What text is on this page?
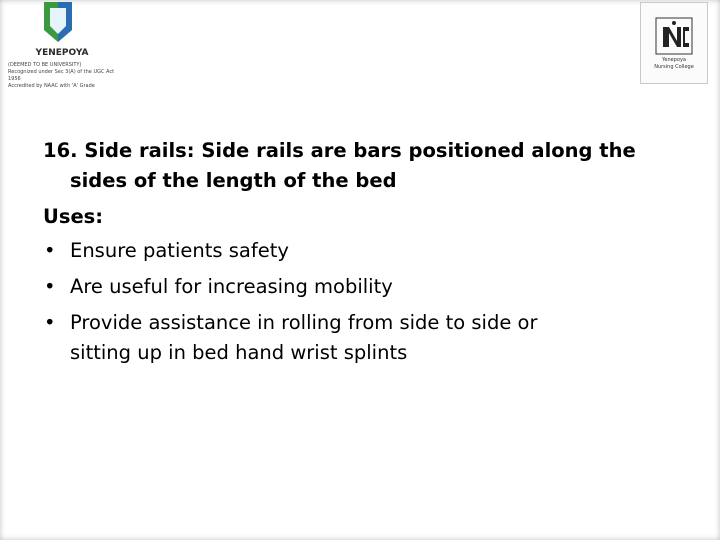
YENEPOYA
(DEEMED TO BE UNIVERSITY)
Recognized under Sec 3(A) of the UGC Act 1956
Accredited by NAAC with 'A' Grade

Yenepoya
Nursing College

16. Side rails: Side rails are bars positioned along the
sides of the length of the bed

Uses:
• Ensure patients safety
• Are useful for increasing mobility
• Provide assistance in rolling from side to side or
sitting up in bed hand wrist splints
